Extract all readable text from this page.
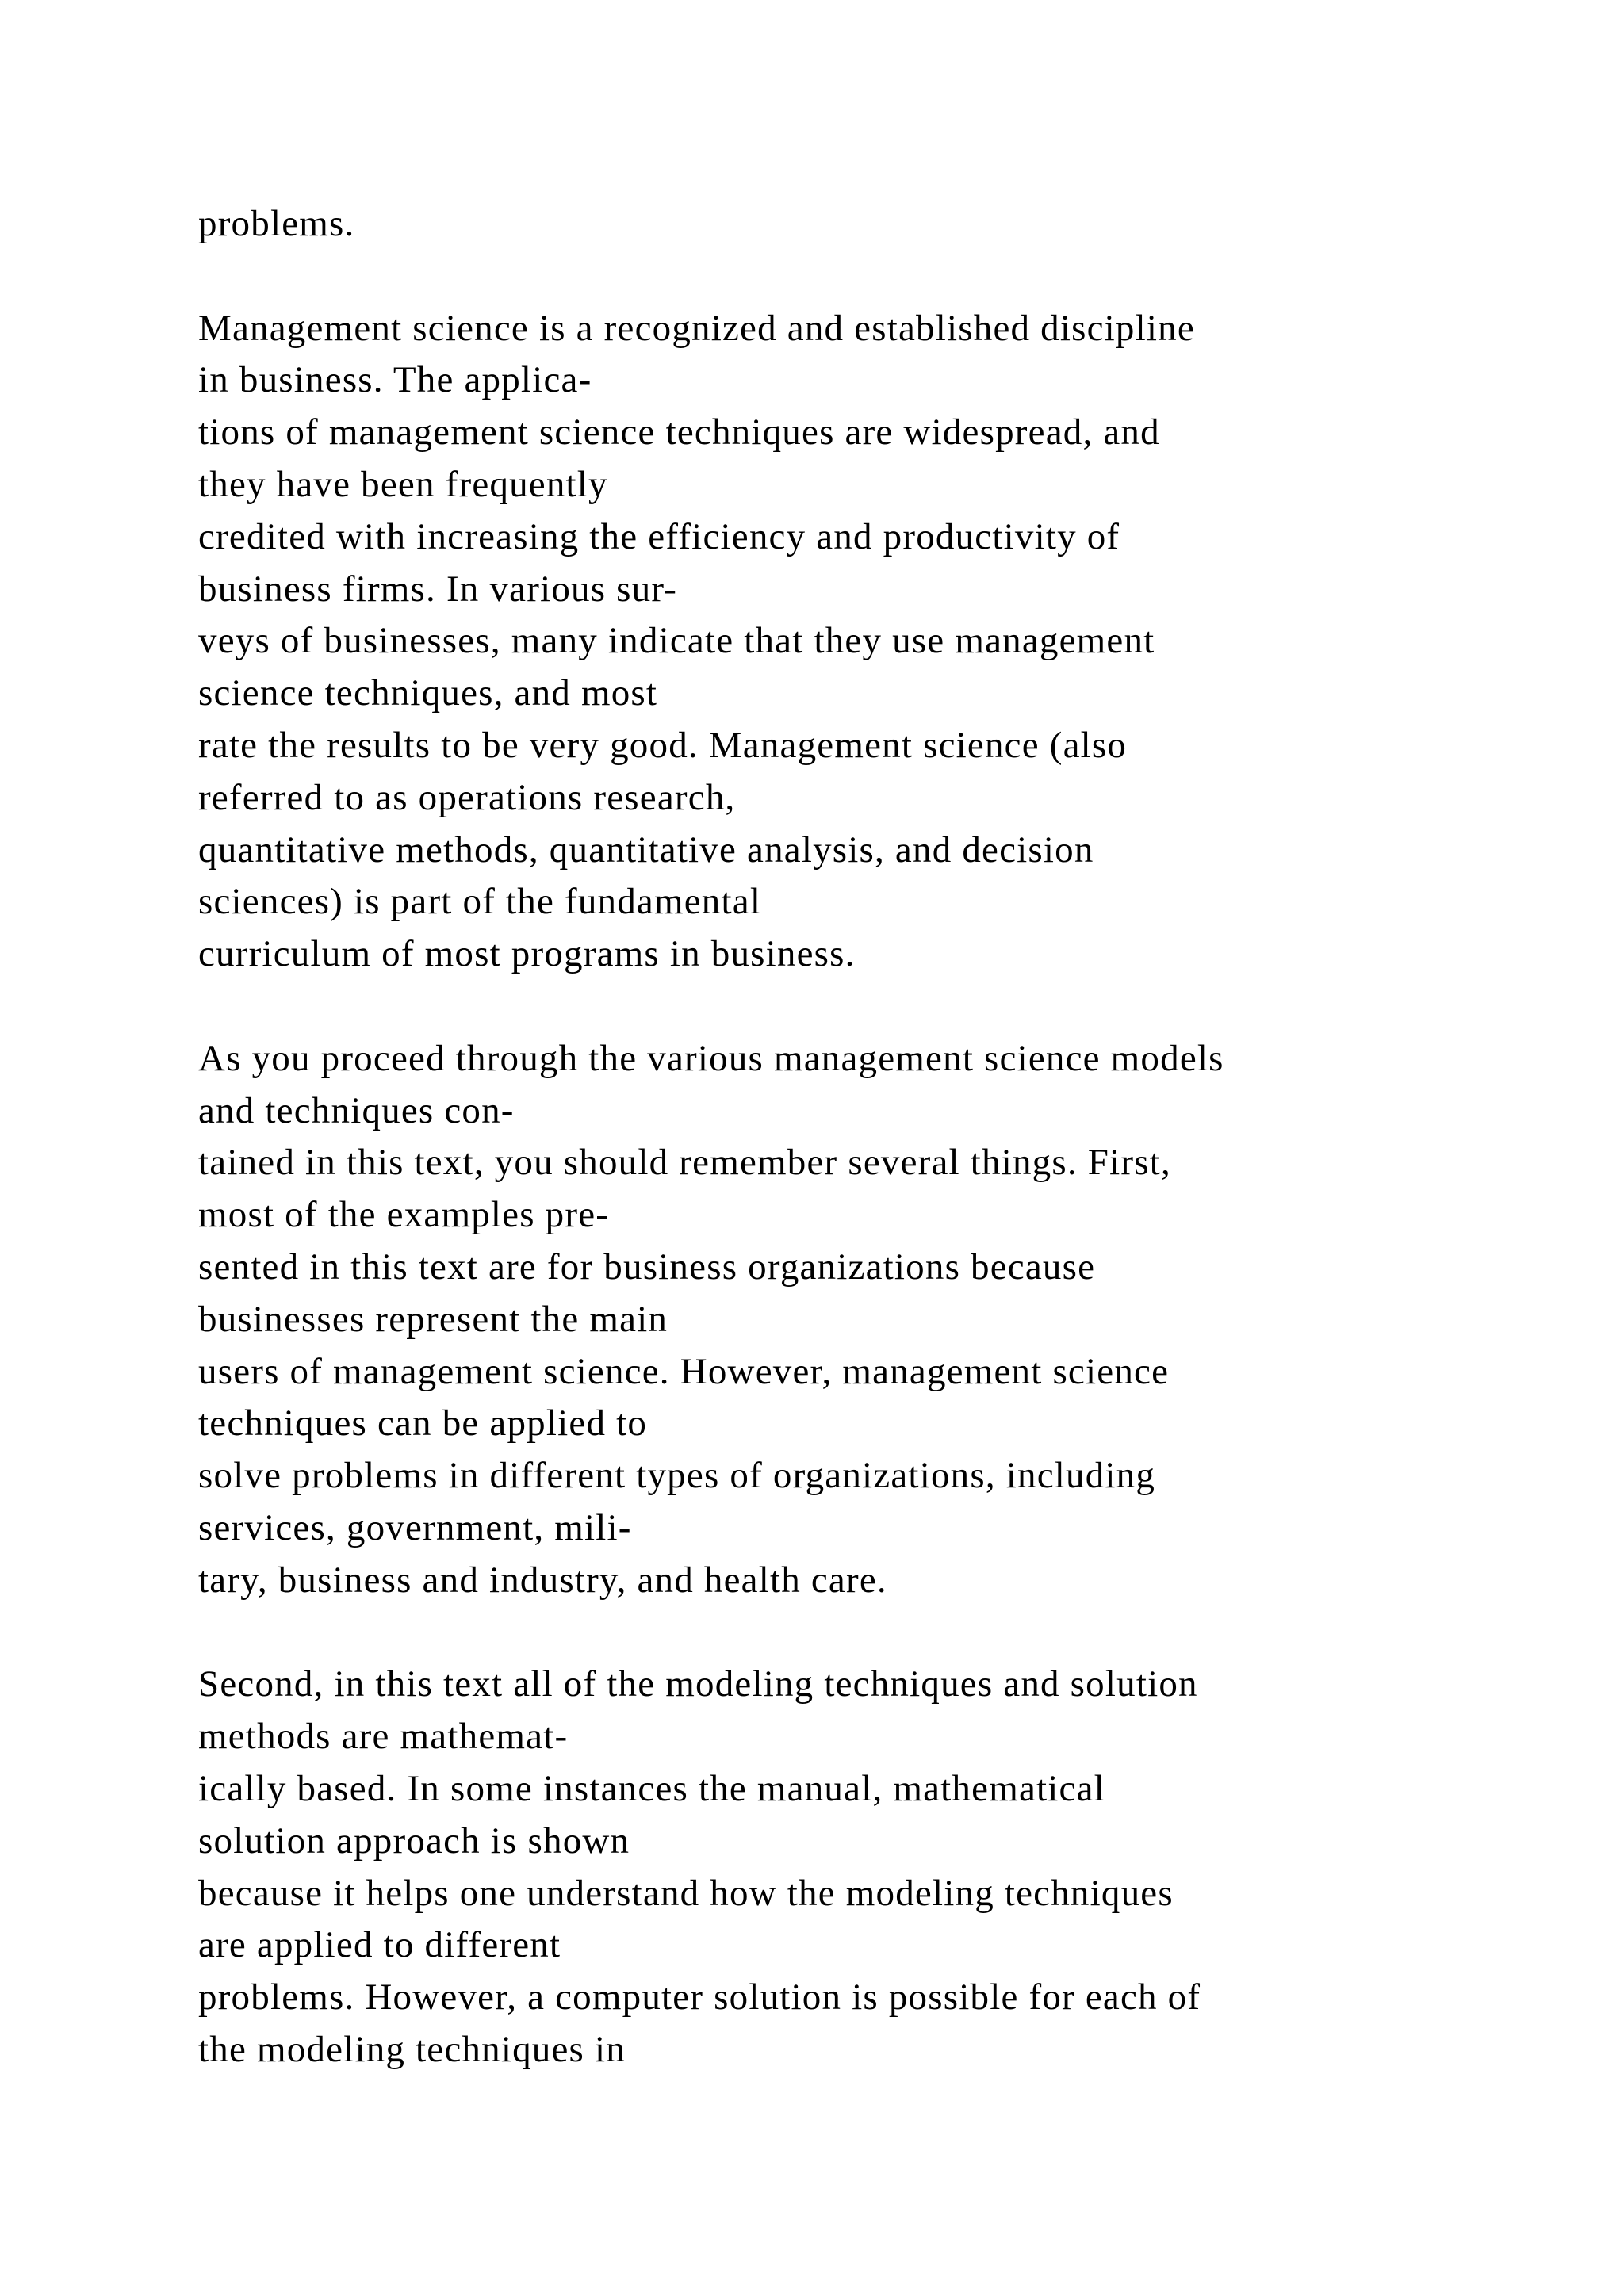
problems.
Management science is a recognized and established discipline
in business. The applica-
tions of management science techniques are widespread, and
they have been frequently
credited with increasing the efficiency and productivity of
business firms. In various sur-
veys of businesses, many indicate that they use management
science techniques, and most
rate the results to be very good. Management science (also
referred to as operations research,
quantitative methods, quantitative analysis, and decision
sciences) is part of the fundamental
curriculum of most programs in business.
As you proceed through the various management science models
and techniques con-
tained in this text, you should remember several things. First,
most of the examples pre-
sented in this text are for business organizations because
businesses represent the main
users of management science. However, management science
techniques can be applied to
solve problems in different types of organizations, including
services, government, mili-
tary, business and industry, and health care.
Second, in this text all of the modeling techniques and solution
methods are mathemat-
ically based. In some instances the manual, mathematical
solution approach is shown
because it helps one understand how the modeling techniques
are applied to different
problems. However, a computer solution is possible for each of
the modeling techniques in
